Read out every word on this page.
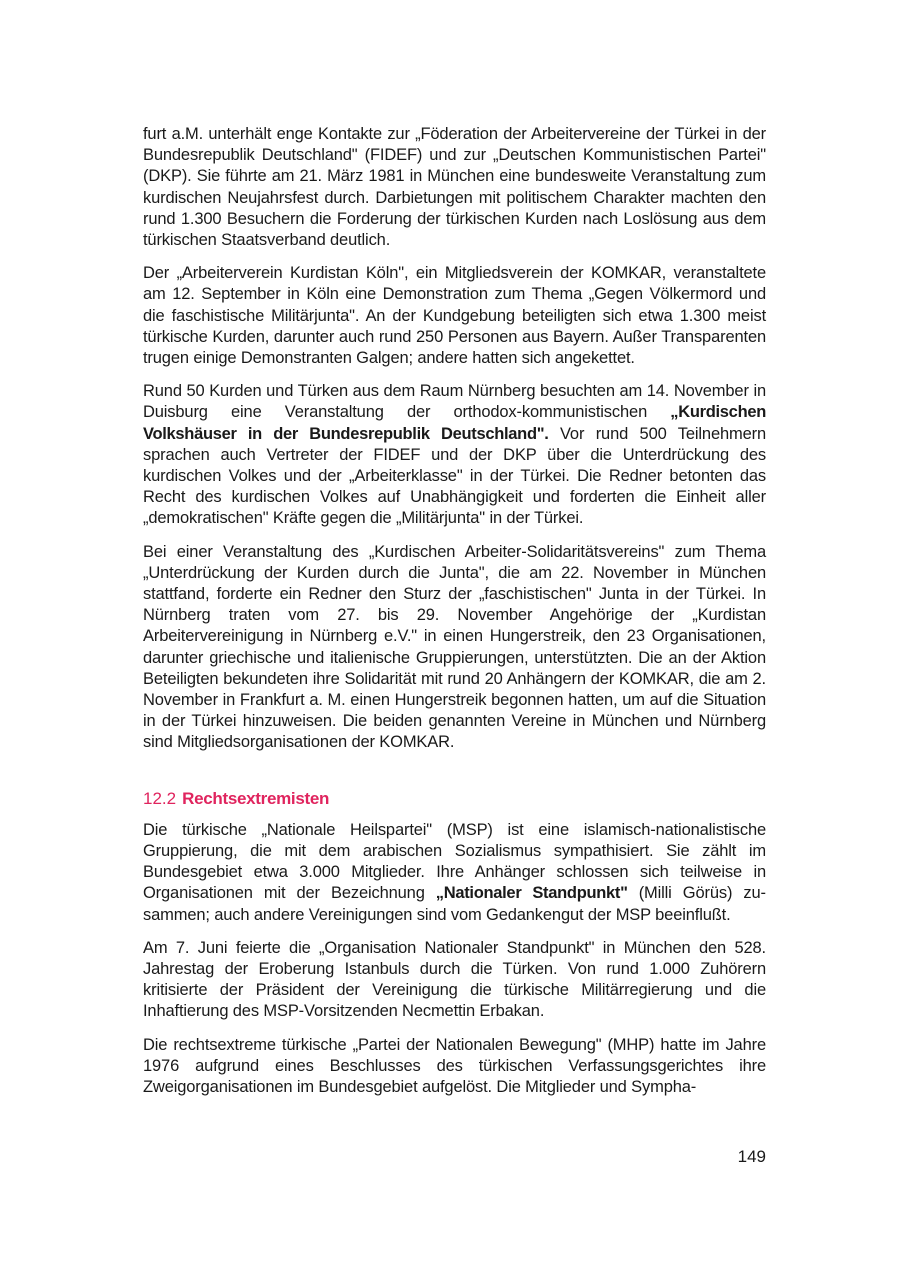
furt a.M. unterhält enge Kontakte zur „Föderation der Arbeitervereine der Türkei in der Bundesrepublik Deutschland" (FIDEF) und zur „Deutschen Kommunistischen Partei" (DKP). Sie führte am 21. März 1981 in München eine bundesweite Veranstaltung zum kurdischen Neujahrsfest durch. Darbietungen mit politischem Charakter machten den rund 1.300 Besuchern die Forderung der türkischen Kurden nach Loslösung aus dem türkischen Staatsverband deutlich.

Der „Arbeiterverein Kurdistan Köln", ein Mitgliedsverein der KOMKAR, veranstaltete am 12. September in Köln eine Demonstration zum Thema „Gegen Völkermord und die faschistische Militärjunta". An der Kundgebung beteiligten sich etwa 1.300 meist türkische Kurden, darunter auch rund 250 Personen aus Bayern. Außer Transparenten trugen einige Demonstranten Galgen; andere hatten sich angekettet.

Rund 50 Kurden und Türken aus dem Raum Nürnberg besuchten am 14. November in Duisburg eine Veranstaltung der orthodox-kommunistischen „Kurdischen Volkshäuser in der Bundesrepublik Deutschland". Vor rund 500 Teilnehmern sprachen auch Vertreter der FIDEF und der DKP über die Unterdrückung des kurdischen Volkes und der „Arbeiterklasse" in der Türkei. Die Redner betonten das Recht des kurdischen Volkes auf Unabhängigkeit und forderten die Einheit aller „demokratischen" Kräfte gegen die „Militärjunta" in der Türkei.

Bei einer Veranstaltung des „Kurdischen Arbeiter-Solidaritätsvereins" zum Thema „Unterdrückung der Kurden durch die Junta", die am 22. November in München stattfand, forderte ein Redner den Sturz der „faschistischen" Junta in der Türkei. In Nürnberg traten vom 27. bis 29. November Angehörige der „Kurdistan Arbeitervereinigung in Nürnberg e.V." in einen Hungerstreik, den 23 Organisationen, darunter griechische und italienische Gruppierungen, unterstützten. Die an der Aktion Beteiligten bekundeten ihre Solidarität mit rund 20 Anhängern der KOMKAR, die am 2. November in Frankfurt a. M. einen Hungerstreik begonnen hatten, um auf die Situation in der Türkei hinzuweisen. Die beiden genannten Vereine in München und Nürnberg sind Mitgliedsorganisationen der KOMKAR.

12.2 Rechtsextremisten

Die türkische „Nationale Heilspartei" (MSP) ist eine islamisch-nationalistische Gruppierung, die mit dem arabischen Sozialismus sympathisiert. Sie zählt im Bundesgebiet etwa 3.000 Mitglieder. Ihre Anhänger schlossen sich teilweise in Organisationen mit der Bezeichnung „Nationaler Standpunkt" (Milli Görüs) zusammen; auch andere Vereinigungen sind vom Gedankengut der MSP beeinflußt.

Am 7. Juni feierte die „Organisation Nationaler Standpunkt" in München den 528. Jahrestag der Eroberung Istanbuls durch die Türken. Von rund 1.000 Zuhörern kritisierte der Präsident der Vereinigung die türkische Militärregierung und die Inhaftierung des MSP-Vorsitzenden Necmettin Erbakan.

Die rechtsextreme türkische „Partei der Nationalen Bewegung" (MHP) hatte im Jahre 1976 aufgrund eines Beschlusses des türkischen Verfassungsgerichtes ihre Zweigorganisationen im Bundesgebiet aufgelöst. Die Mitglieder und Sympha-

149
